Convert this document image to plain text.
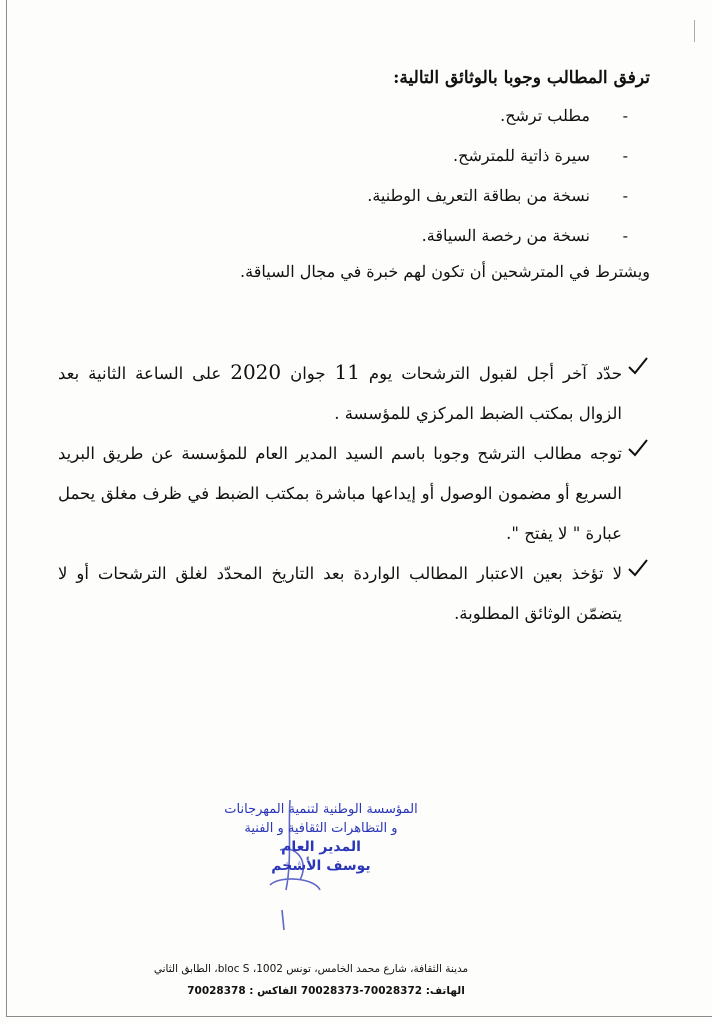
ترفق المطالب وجوبا بالوثائق التالية:
-
مطلب ترشح.
-
سيرة ذاتية للمترشح.
-
نسخة من بطاقة التعريف الوطنية.
-
نسخة من رخصة السياقة.

ويشترط في المترشحين أن تكون لهم خبرة في مجال السياقة.

حدّد آخر أجل لقبول الترشحات يوم 11 جوان 2020 على الساعة الثانية بعد الزوال بمكتب الضبط المركزي للمؤسسة .
توجه مطالب الترشح وجوبا باسم السيد المدير العام للمؤسسة عن طريق البريد السريع أو مضمون الوصول أو إيداعها مباشرة بمكتب الضبط في ظرف مغلق يحمل عبارة " لا يفتح ".
لا تؤخذ بعين الاعتبار المطالب الواردة بعد التاريخ المحدّد لغلق الترشحات أو لا يتضمّن الوثائق المطلوبة.
المؤسسة الوطنية لتنمية المهرجانات
و التظاهرات الثقافية و الفنية
المدير العام
يوسف الأشخم
مدينة الثقافة، شارع محمد الخامس، تونس 1002، bloc S، الطابق الثاني
الهاتف: 70028372-70028373 الفاكس : 70028378
